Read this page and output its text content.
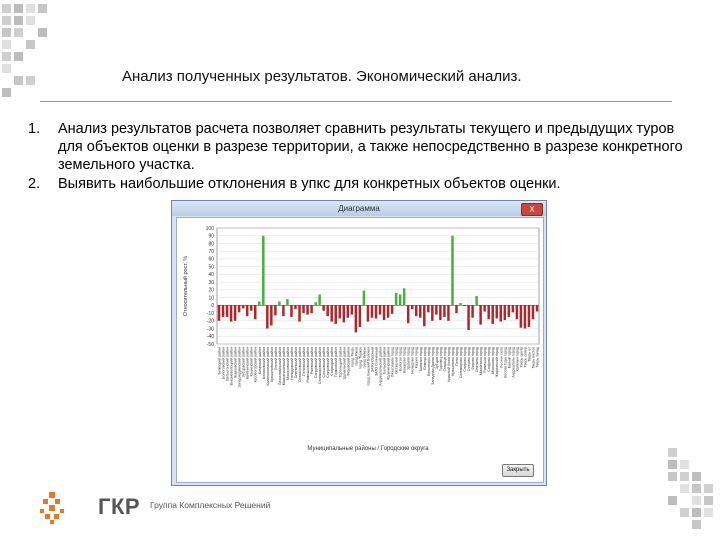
Анализ полученных результатов. Экономический анализ.
1. Анализ результатов расчета позволяет сравнить результаты текущего и предыдущих туров для объектов оценки в разрезе территории, а также непосредственно в разрезе конкретного земельного участка.
2. Выявить наибольшие отклонения в упкс для конкретных объектов оценки.
Диаграмма	X
100
90
80
70
60
50
40
30
20
10
0
-10
-20
-30
-40
-50
Бежецкий район Бологовский район Весьегонский район Вышневолоцкий район Жарковский район Западнодвинский район Зубцовский район Калязинский район Кашинский район Кесовогорский район Кимрский район Конаковский район Краснохолмский район Кувшиновский район Лесной район Лихославльский район Максатихинский район Молоковский район Нелидовский район Оленинский район Осташковский район Пеновский район Рамешковский район Ржевский район Сандовский район Селижаровский район Сонковский район Спировский район Старицкий район Торжокский район Торопецкий район Удомельский район Фировский район город Тверь город Ржев город Торжок город Кимры город Вышний Волочек ЗАТО Озерный ЗАТО Солнечный Андреапольский район Бельский район Калининский район Лихославль город Осташков город Бологое город Конаково город Удомля город Нелидово город Кашин город Калязин город Бежецк город Весьегонск город Западная Двина город Зубцов город Торопец город Старица город Красный Холм город Кувшиново город Пено город Селижарово город Спирово город Сонково город Фирово город Оленино город Максатиха город Рамешки город Сандово город Молоково город Жарковский город Лесное село Кесова Гора город Белый город Андреаполь город Калинин город Тверь центр Тверь север Тверь юг Тверь восток Тверь запад
Относительный рост, %
Муниципальные районы / Городские округа
Закрыть
ГКР Группа Комплексных Решений
